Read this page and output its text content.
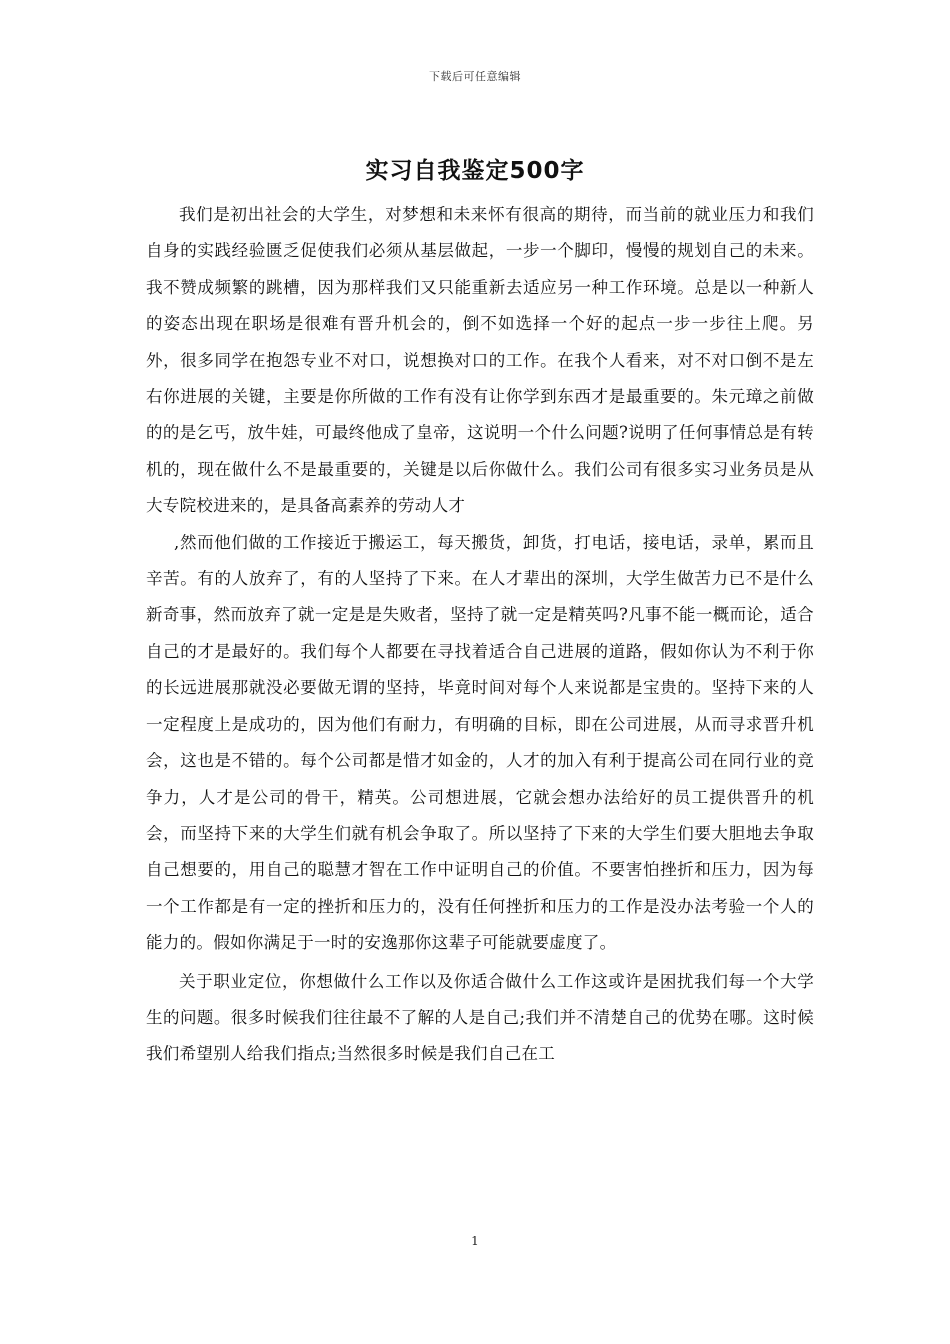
下载后可任意编辑
实习自我鉴定500字

我们是初出社会的大学生，对梦想和未来怀有很高的期待，而当前的就业压力和我们自身的实践经验匮乏促使我们必须从基层做起，一步一个脚印，慢慢的规划自己的未来。我不赞成频繁的跳槽，因为那样我们又只能重新去适应另一种工作环境。总是以一种新人的姿态出现在职场是很难有晋升机会的，倒不如选择一个好的起点一步一步往上爬。另外，很多同学在抱怨专业不对口，说想换对口的工作。在我个人看来，对不对口倒不是左右你进展的关键，主要是你所做的工作有没有让你学到东西才是最重要的。朱元璋之前做的的是乞丐，放牛娃，可最终他成了皇帝，这说明一个什么问题?说明了任何事情总是有转机的，现在做什么不是最重要的，关键是以后你做什么。我们公司有很多实习业务员是从大专院校进来的，是具备高素养的劳动人才

,然而他们做的工作接近于搬运工，每天搬货，卸货，打电话，接电话，录单，累而且辛苦。有的人放弃了，有的人坚持了下来。在人才辈出的深圳，大学生做苦力已不是什么新奇事，然而放弃了就一定是是失败者，坚持了就一定是精英吗?凡事不能一概而论，适合自己的才是最好的。我们每个人都要在寻找着适合自己进展的道路，假如你认为不利于你的长远进展那就没必要做无谓的坚持，毕竟时间对每个人来说都是宝贵的。坚持下来的人一定程度上是成功的，因为他们有耐力，有明确的目标，即在公司进展，从而寻求晋升机会，这也是不错的。每个公司都是惜才如金的，人才的加入有利于提高公司在同行业的竞争力，人才是公司的骨干，精英。公司想进展，它就会想办法给好的员工提供晋升的机会，而坚持下来的大学生们就有机会争取了。所以坚持了下来的大学生们要大胆地去争取自己想要的，用自己的聪慧才智在工作中证明自己的价值。不要害怕挫折和压力，因为每一个工作都是有一定的挫折和压力的，没有任何挫折和压力的工作是没办法考验一个人的能力的。假如你满足于一时的安逸那你这辈子可能就要虚度了。

关于职业定位，你想做什么工作以及你适合做什么工作这或许是困扰我们每一个大学生的问题。很多时候我们往往最不了解的人是自己;我们并不清楚自己的优势在哪。这时候我们希望别人给我们指点;当然很多时候是我们自己在工

1
